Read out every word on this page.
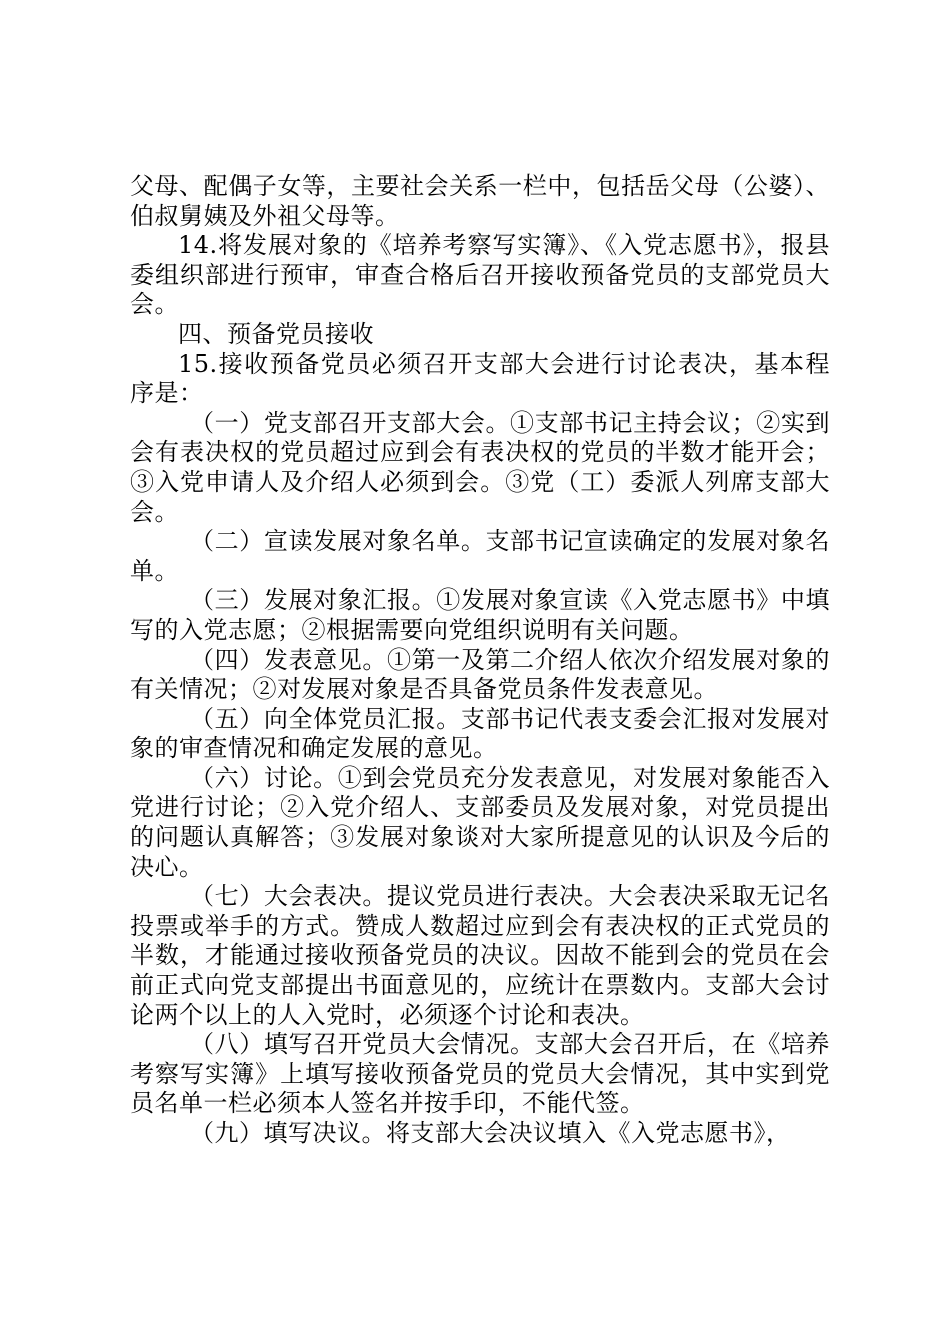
父母、配偶子女等，主要社会关系一栏中，包括岳父母（公婆）、伯叔舅姨及外祖父母等。

14.将发展对象的《培养考察写实簿》、《入党志愿书》，报县委组织部进行预审，审查合格后召开接收预备党员的支部党员大会。

四、预备党员接收

15.接收预备党员必须召开支部大会进行讨论表决，基本程序是：

（一）党支部召开支部大会。①支部书记主持会议；②实到会有表决权的党员超过应到会有表决权的党员的半数才能开会；③入党申请人及介绍人必须到会。③党（工）委派人列席支部大会。

（二）宣读发展对象名单。支部书记宣读确定的发展对象名单。

（三）发展对象汇报。①发展对象宣读《入党志愿书》中填写的入党志愿；②根据需要向党组织说明有关问题。

（四）发表意见。①第一及第二介绍人依次介绍发展对象的有关情况；②对发展对象是否具备党员条件发表意见。

（五）向全体党员汇报。支部书记代表支委会汇报对发展对象的审查情况和确定发展的意见。

（六）讨论。①到会党员充分发表意见，对发展对象能否入党进行讨论；②入党介绍人、支部委员及发展对象，对党员提出的问题认真解答；③发展对象谈对大家所提意见的认识及今后的决心。

（七）大会表决。提议党员进行表决。大会表决采取无记名投票或举手的方式。赞成人数超过应到会有表决权的正式党员的半数，才能通过接收预备党员的决议。因故不能到会的党员在会前正式向党支部提出书面意见的，应统计在票数内。支部大会讨论两个以上的人入党时，必须逐个讨论和表决。

（八）填写召开党员大会情况。支部大会召开后，在《培养考察写实簿》上填写接收预备党员的党员大会情况，其中实到党员名单一栏必须本人签名并按手印，不能代签。

（九）填写决议。将支部大会决议填入《入党志愿书》，
